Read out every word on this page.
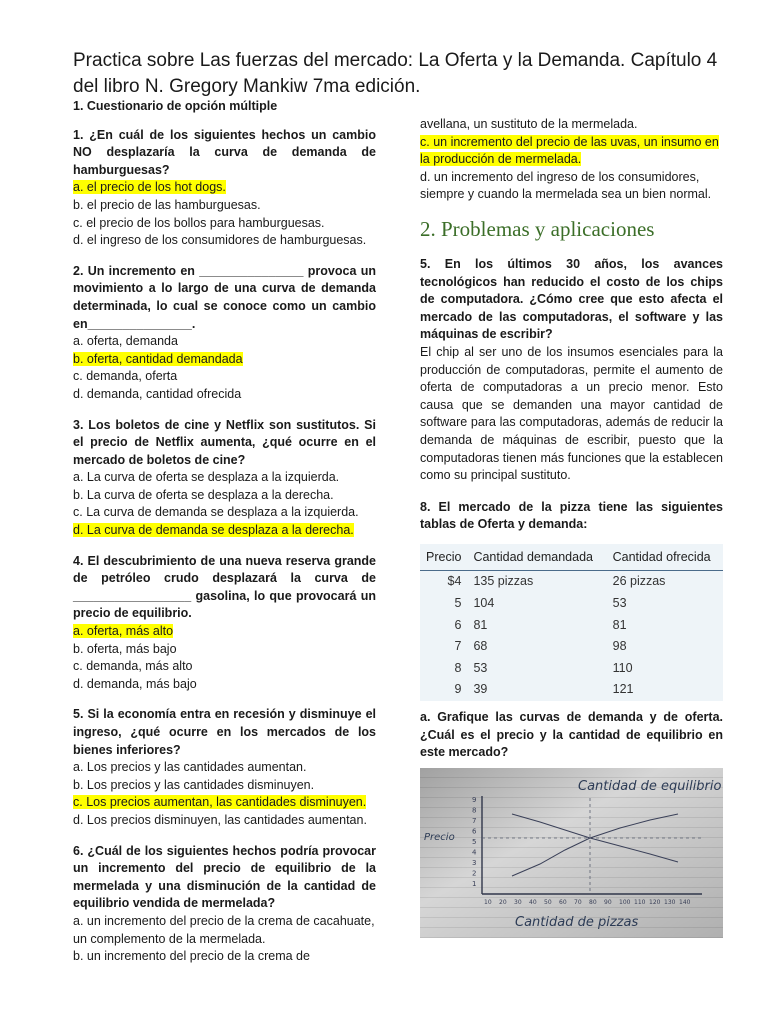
Practica sobre Las fuerzas del mercado: La Oferta y la Demanda. Capítulo 4 del libro N. Gregory Mankiw 7ma edición.

1. Cuestionario de opción múltiple

1. ¿En cuál de los siguientes hechos un cambio NO desplazaría la curva de demanda de hamburguesas?

a. el precio de los hot dogs.

b. el precio de las hamburguesas.

c. el precio de los bollos para hamburguesas.

d. el ingreso de los consumidores de hamburguesas.

2. Un incremento en _______________ provoca un movimiento a lo largo de una curva de demanda determinada, lo cual se conoce como un cambio en_______________.

a. oferta, demanda

b. oferta, cantidad demandada

c. demanda, oferta

d. demanda, cantidad ofrecida

3. Los boletos de cine y Netflix son sustitutos. Si el precio de Netflix aumenta, ¿qué ocurre en el mercado de boletos de cine?

a. La curva de oferta se desplaza a la izquierda.

b. La curva de oferta se desplaza a la derecha.

c. La curva de demanda se desplaza a la izquierda.

d. La curva de demanda se desplaza a la derecha.

4. El descubrimiento de una nueva reserva grande de petróleo crudo desplazará la curva de _________________ gasolina, lo que provocará un precio de equilibrio.

a. oferta, más alto

b. oferta, más bajo

c. demanda, más alto

d. demanda, más bajo

5. Si la economía entra en recesión y disminuye el ingreso, ¿qué ocurre en los mercados de los bienes inferiores?

a. Los precios y las cantidades aumentan.

b. Los precios y las cantidades disminuyen.

c. Los precios aumentan, las cantidades disminuyen.

d. Los precios disminuyen, las cantidades aumentan.

6. ¿Cuál de los siguientes hechos podría provocar un incremento del precio de equilibrio de la mermelada y una disminución de la cantidad de equilibrio vendida de mermelada?

a. un incremento del precio de la crema de cacahuate, un complemento de la mermelada.

b. un incremento del precio de la crema de

avellana, un sustituto de la mermelada.

c. un incremento del precio de las uvas, un insumo en la producción de mermelada.

d. un incremento del ingreso de los consumidores, siempre y cuando la mermelada sea un bien normal.

2. Problemas y aplicaciones

5. En los últimos 30 años, los avances tecnológicos han reducido el costo de los chips de computadora. ¿Cómo cree que esto afecta el mercado de las computadoras, el software y las máquinas de escribir?

El chip al ser uno de los insumos esenciales para la producción de computadoras, permite el aumento de oferta de computadoras a un precio menor. Esto causa que se demanden una mayor cantidad de software para las computadoras, además de reducir la demanda de máquinas de escribir, puesto que la computadoras tienen más funciones que la establecen como su principal sustituto.

8. El mercado de la pizza tiene las siguientes tablas de Oferta y demanda:

Precio	Cantidad demandada	Cantidad ofrecida
$4	135 pizzas	26 pizzas
5	104	53
6	81	81
7	68	98
8	53	110
9	39	121

a. Grafique las curvas de demanda y de oferta. ¿Cuál es el precio y la cantidad de equilibrio en este mercado?

Cantidad de equilibrio
Precio
Cantidad de pizzas
9
8
7
6
5
4
3
2
1
10 20 30 40 50 60 70 80 90 100 110 120 130 140
